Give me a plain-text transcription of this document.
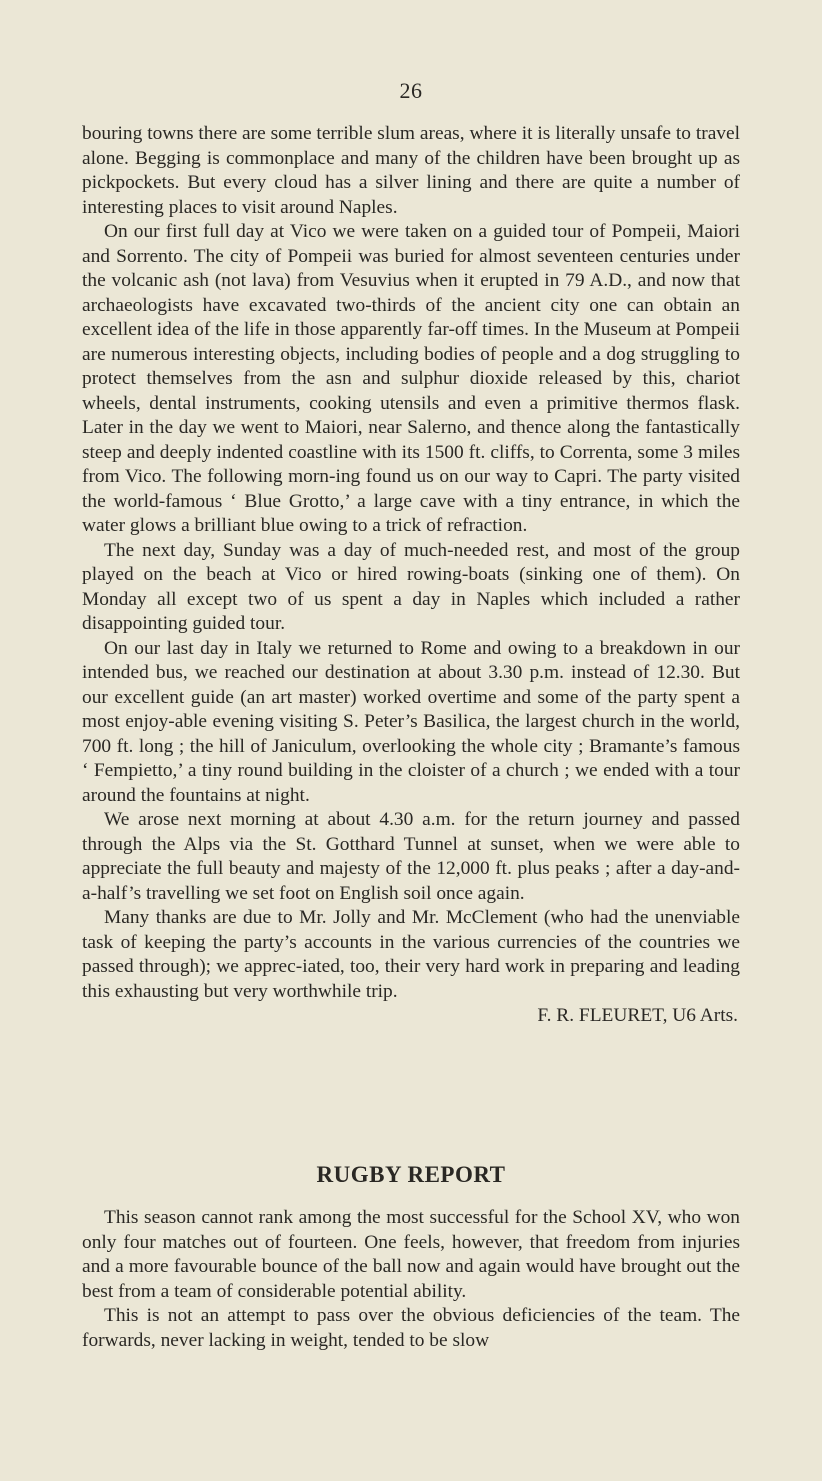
26

bouring towns there are some terrible slum areas, where it is literally unsafe to travel alone. Begging is commonplace and many of the children have been brought up as pickpockets. But every cloud has a silver lining and there are quite a number of interesting places to visit around Naples.

On our first full day at Vico we were taken on a guided tour of Pompeii, Maiori and Sorrento. The city of Pompeii was buried for almost seventeen centuries under the volcanic ash (not lava) from Vesuvius when it erupted in 79 A.D., and now that archaeologists have excavated two-thirds of the ancient city one can obtain an excellent idea of the life in those apparently far-off times. In the Museum at Pompeii are numerous interesting objects, including bodies of people and a dog struggling to protect themselves from the asn and sulphur dioxide released by this, chariot wheels, dental instruments, cooking utensils and even a primitive thermos flask. Later in the day we went to Maiori, near Salerno, and thence along the fantastically steep and deeply indented coastline with its 1500 ft. cliffs, to Correnta, some 3 miles from Vico. The following morn-ing found us on our way to Capri. The party visited the world-famous ‘ Blue Grotto,’ a large cave with a tiny entrance, in which the water glows a brilliant blue owing to a trick of refraction.

The next day, Sunday was a day of much-needed rest, and most of the group played on the beach at Vico or hired rowing-boats (sinking one of them). On Monday all except two of us spent a day in Naples which included a rather disappointing guided tour.

On our last day in Italy we returned to Rome and owing to a breakdown in our intended bus, we reached our destination at about 3.30 p.m. instead of 12.30. But our excellent guide (an art master) worked overtime and some of the party spent a most enjoy-able evening visiting S. Peter’s Basilica, the largest church in the world, 700 ft. long ; the hill of Janiculum, overlooking the whole city ; Bramante’s famous ‘ Fempietto,’ a tiny round building in the cloister of a church ; we ended with a tour around the fountains at night.

We arose next morning at about 4.30 a.m. for the return journey and passed through the Alps via the St. Gotthard Tunnel at sunset, when we were able to appreciate the full beauty and majesty of the 12,000 ft. plus peaks ; after a day-and-a-half’s travelling we set foot on English soil once again.

Many thanks are due to Mr. Jolly and Mr. McClement (who had the unenviable task of keeping the party’s accounts in the various currencies of the countries we passed through); we apprec-iated, too, their very hard work in preparing and leading this exhausting but very worthwhile trip.

F. R. FLEURET, U6 Arts.

RUGBY REPORT

This season cannot rank among the most successful for the School XV, who won only four matches out of fourteen. One feels, however, that freedom from injuries and a more favourable bounce of the ball now and again would have brought out the best from a team of considerable potential ability.

This is not an attempt to pass over the obvious deficiencies of the team. The forwards, never lacking in weight, tended to be slow
